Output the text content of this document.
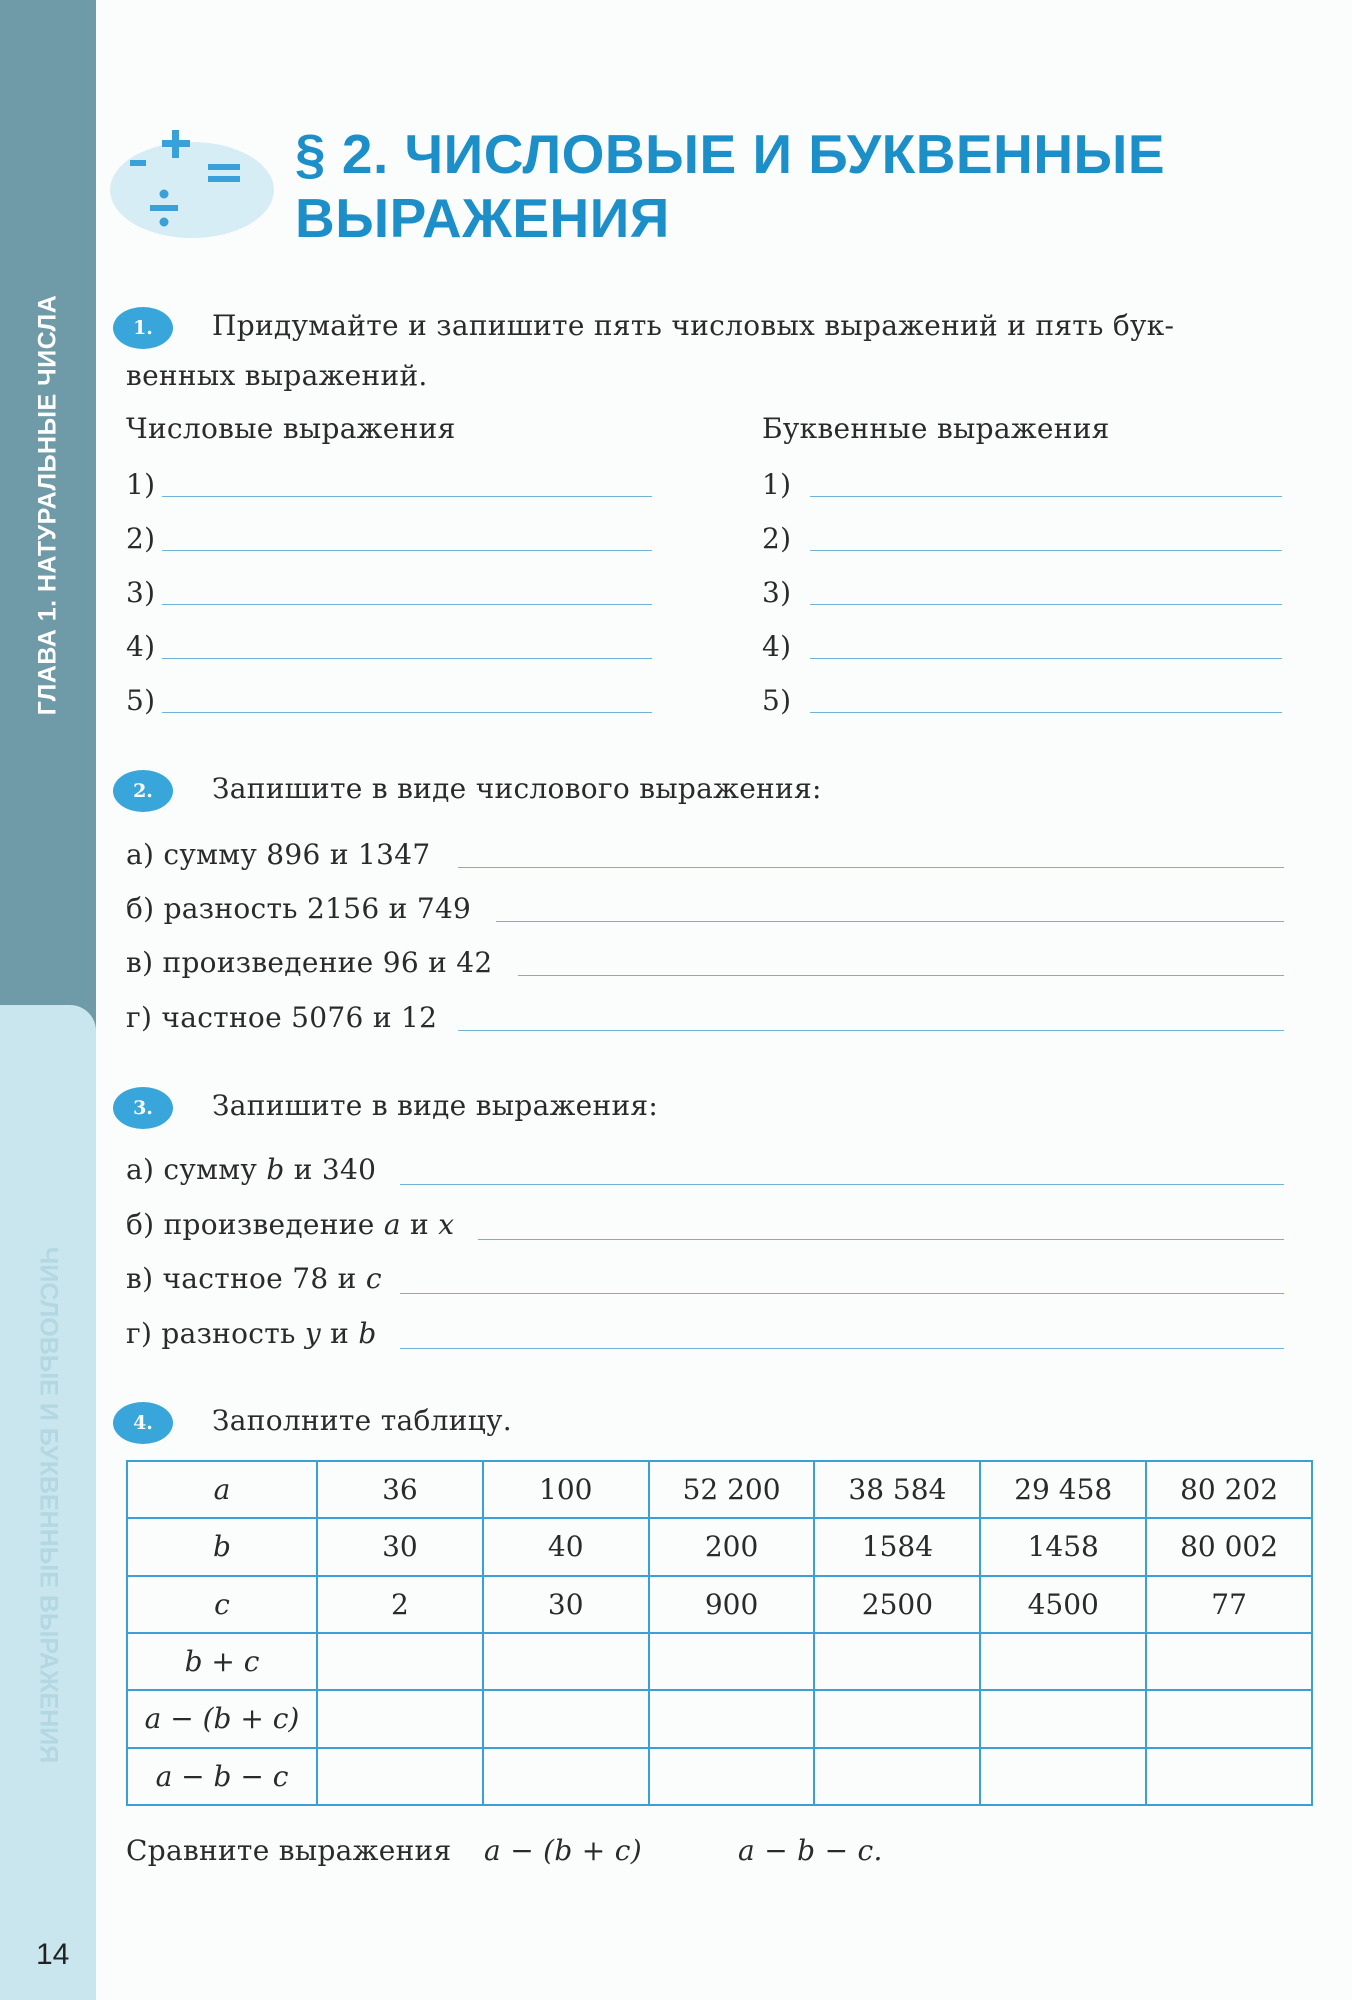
ГЛАВА 1. НАТУРАЛЬНЫЕ ЧИСЛА
ЧИСЛОВЫЕ И БУКВЕННЫЕ ВЫРАЖЕНИЯ
14
§ 2. ЧИСЛОВЫЕ И БУКВЕННЫЕ
ВЫРАЖЕНИЯ
1.	Придумайте и запишите пять числовых выражений и пять бук-
венных выражений.
Числовые выражения	Буквенные выражения
1)	1)
2)	2)
3)	3)
4)	4)
5)	5)
2.	Запишите в виде числового выражения:
а) сумму 896 и 1347
б) разность 2156 и 749
в) произведение 96 и 42
г) частное 5076 и 12
3.	Запишите в виде выражения:
а) сумму b и 340
б) произведение a и x
в) частное 78 и c
г) разность y и b
4.	Заполните таблицу.
a	36	100	52 200	38 584	29 458	80 202
b	30	40	200	1584	1458	80 002
c	2	30	900	2500	4500	77
b + c						
a − (b + c)						
a − b − c						
Сравните выражения a − (b + c)	a − b − c.
